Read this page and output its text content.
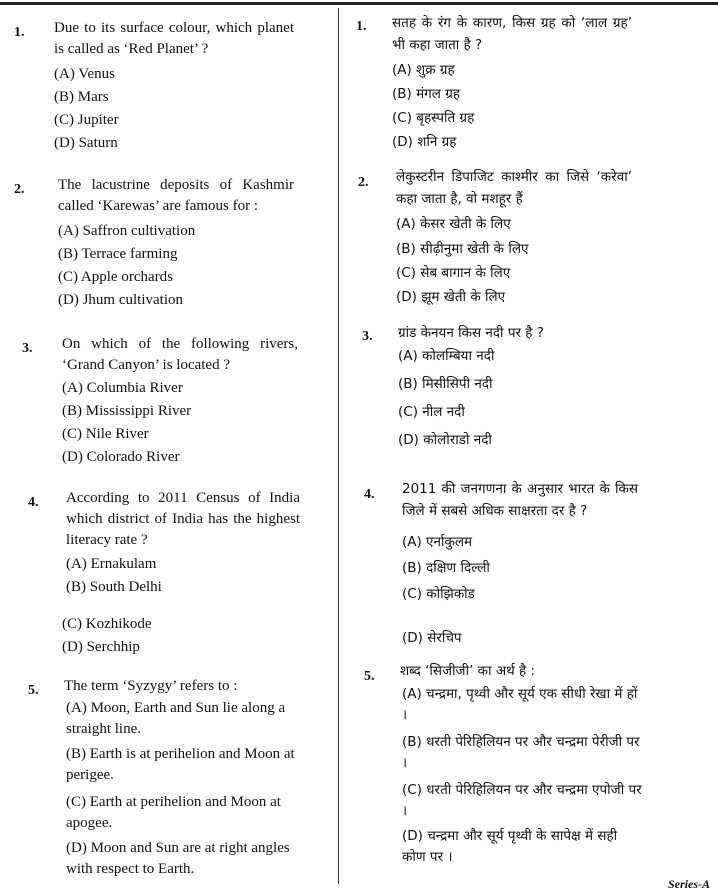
1. Due to its surface colour, which planet is called as ‘Red Planet’ ?
(A) Venus
(B) Mars
(C) Jupiter
(D) Saturn
2. The lacustrine deposits of Kashmir called ‘Karewas’ are famous for :
(A) Saffron cultivation
(B) Terrace farming
(C) Apple orchards
(D) Jhum cultivation
3. On which of the following rivers, ‘Grand Canyon’ is located ?
(A) Columbia River
(B) Mississippi River
(C) Nile River
(D) Colorado River
4. According to 2011 Census of India which district of India has the highest literacy rate ?
(A) Ernakulam
(B) South Delhi
(C) Kozhikode
(D) Serchhip
5. The term ‘Syzygy’ refers to :
(A) Moon, Earth and Sun lie along a straight line.
(B) Earth is at perihelion and Moon at perigee.
(C) Earth at perihelion and Moon at apogee.
(D) Moon and Sun are at right angles with respect to Earth.
1. सतह के रंग के कारण, किस ग्रह को ‘लाल ग्रह’ भी कहा जाता है ?
(A) शुक्र ग्रह
(B) मंगल ग्रह
(C) बृहस्पति ग्रह
(D) शनि ग्रह
2. लेकुस्टरीन डिपाजिट काश्मीर का जिसे ‘करेवा’ कहा जाता है, वो मशहूर हैं
(A) केसर खेती के लिए
(B) सीढ़ीनुमा खेती के लिए
(C) सेब बागान के लिए
(D) झूम खेती के लिए
3. ग्रांड केनयन किस नदी पर है ?
(A) कोलम्बिया नदी
(B) मिसीसिपी नदी
(C) नील नदी
(D) कोलोराडो नदी
4. 2011 की जनगणना के अनुसार भारत के किस जिले में सबसे अधिक साक्षरता दर है ?
(A) एर्नाकुलम
(B) दक्षिण दिल्ली
(C) कोझिकोड
(D) सेरचिप
5. शब्द ‘सिजीजी’ का अर्थ है :
(A) चन्द्रमा, पृथ्वी और सूर्य एक सीधी रेखा में हों ।
(B) धरती पेरिहिलियन पर और चन्द्रमा पेरीजी पर ।
(C) धरती पेरिहिलियन पर और चन्द्रमा एपोजी पर ।
(D) चन्द्रमा और सूर्य पृथ्वी के सापेक्ष में सही कोण पर ।
Series-A
